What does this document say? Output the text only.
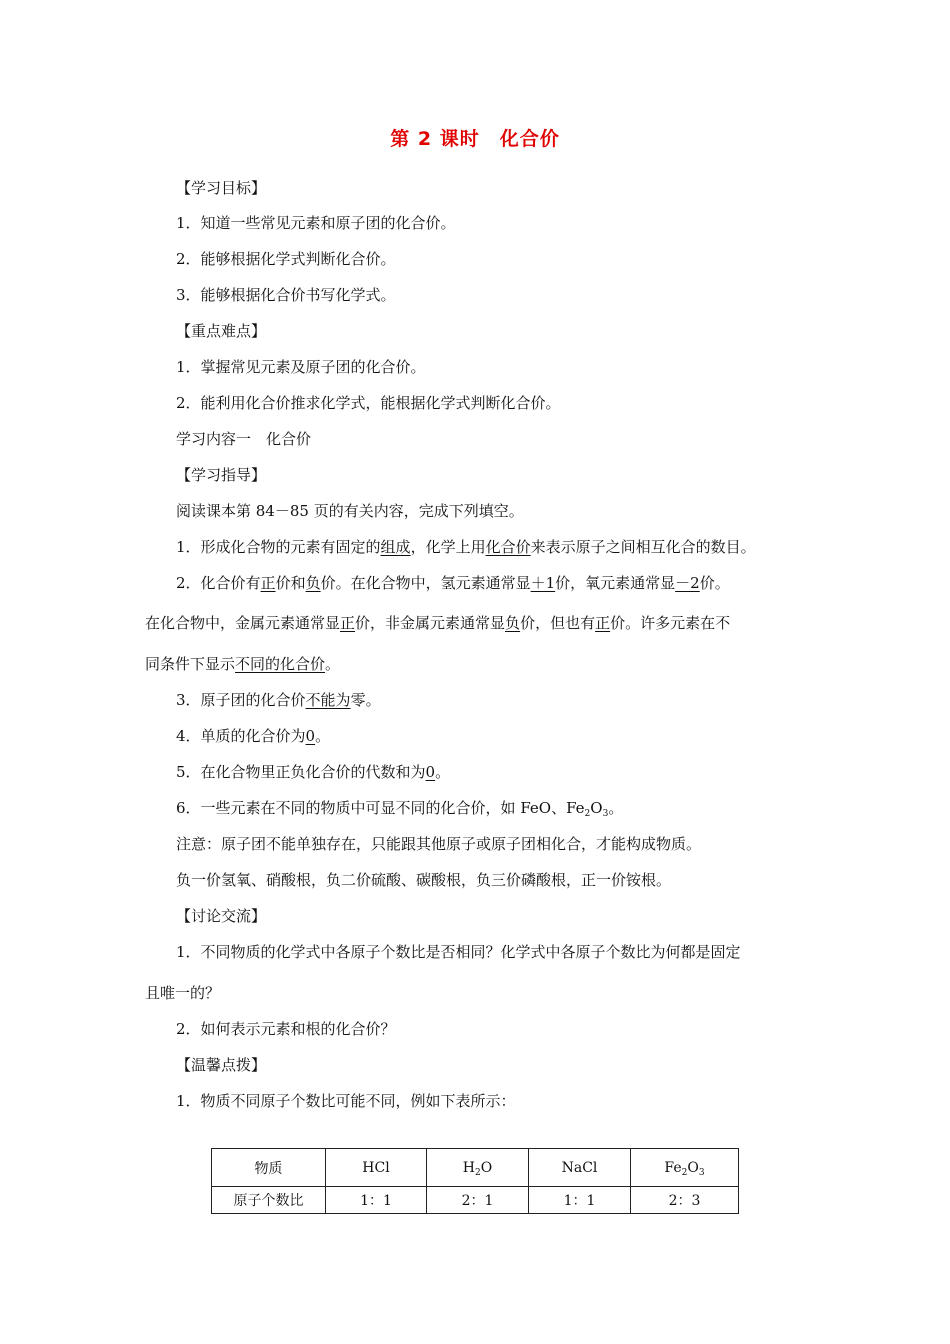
第 2 课时　化合价
【学习目标】
1．知道一些常见元素和原子团的化合价。
2．能够根据化学式判断化合价。
3．能够根据化合价书写化学式。
【重点难点】
1．掌握常见元素及原子团的化合价。
2．能利用化合价推求化学式，能根据化学式判断化合价。
学习内容一　化合价
【学习指导】
阅读课本第 84－85 页的有关内容，完成下列填空。
1．形成化合物的元素有固定的组成，化学上用化合价来表示原子之间相互化合的数目。
2．化合价有正价和负价。在化合物中，氢元素通常显＋1价，氧元素通常显－2价。
在化合物中，金属元素通常显正价，非金属元素通常显负价，但也有正价。许多元素在不
同条件下显示不同的化合价。
3．原子团的化合价不能为零。
4．单质的化合价为0。
5．在化合物里正负化合价的代数和为0。
6．一些元素在不同的物质中可显不同的化合价，如 FeO、$Fe_2O_3$。
注意：原子团不能单独存在，只能跟其他原子或原子团相化合，才能构成物质。
负一价氢氧、硝酸根，负二价硫酸、碳酸根，负三价磷酸根，正一价铵根。
【讨论交流】
1．不同物质的化学式中各原子个数比是否相同？化学式中各原子个数比为何都是固定
且唯一的？
2．如何表示元素和根的化合价？
【温馨点拨】
1．物质不同原子个数比可能不同，例如下表所示：
物质	HCl	$H_2O$	NaCl	$Fe_2O_3$
原子个数比	1：1	2：1	1：1	2：3
